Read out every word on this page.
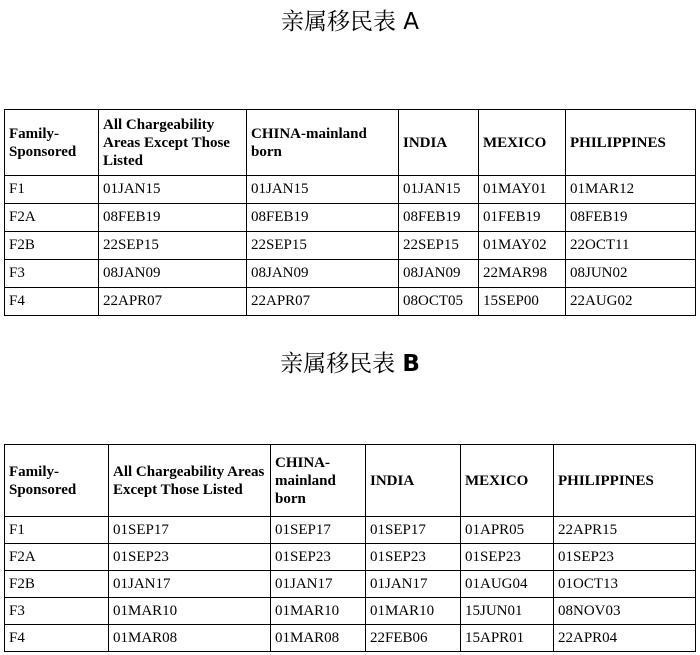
亲属移民表 A
Family-Sponsored	All Chargeability Areas Except Those Listed	CHINA-mainland born	INDIA	MEXICO	PHILIPPINES
F1	01JAN15	01JAN15	01JAN15	01MAY01	01MAR12
F2A	08FEB19	08FEB19	08FEB19	01FEB19	08FEB19
F2B	22SEP15	22SEP15	22SEP15	01MAY02	22OCT11
F3	08JAN09	08JAN09	08JAN09	22MAR98	08JUN02
F4	22APR07	22APR07	08OCT05	15SEP00	22AUG02
亲属移民表 B
Family-Sponsored	All Chargeability Areas Except Those Listed	CHINA-mainland born	INDIA	MEXICO	PHILIPPINES
F1	01SEP17	01SEP17	01SEP17	01APR05	22APR15
F2A	01SEP23	01SEP23	01SEP23	01SEP23	01SEP23
F2B	01JAN17	01JAN17	01JAN17	01AUG04	01OCT13
F3	01MAR10	01MAR10	01MAR10	15JUN01	08NOV03
F4	01MAR08	01MAR08	22FEB06	15APR01	22APR04
